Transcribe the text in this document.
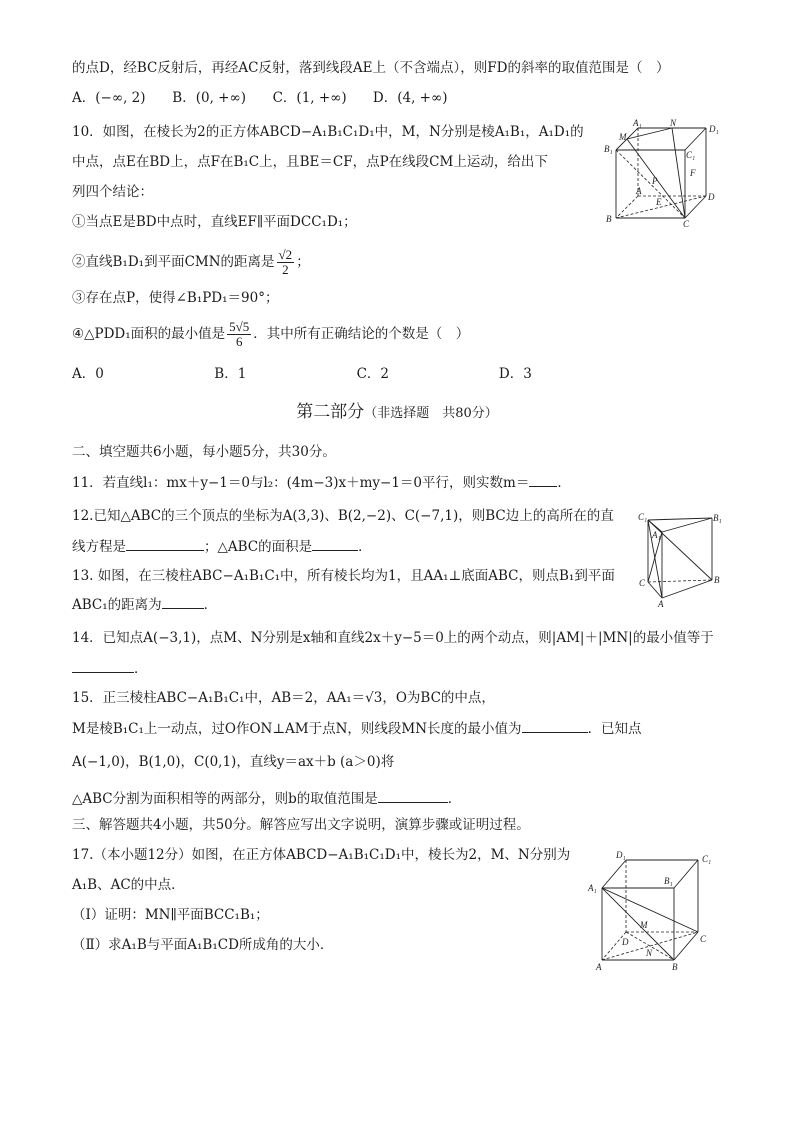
的点D，经BC反射后，再经AC反射，落到线段AE上（不含端点），则FD的斜率的取值范围是（　）
A．(−∞, 2) B．(0, +∞) C．(1, +∞) D．(4, +∞)
10．如图，在棱长为2的正方体ABCD−A₁B₁C₁D₁中，M，N分别是棱A₁B₁，A₁D₁的
中点，点E在BD上，点F在B₁C上，且BE＝CF，点P在线段CM上运动，给出下
列四个结论：
①当点E是BD中点时，直线EF∥平面DCC₁D₁；
②直线B₁D₁到平面CMN的距离是 $\frac{√2}{2}$ ；
③存在点P，使得∠B₁PD₁＝90°；
④△PDD₁面积的最小值是 $\frac{5√5}{6}$ ．其中所有正确结论的个数是（　）
A．0	B．1	C．2	D．3
M
A₁	N
D₁
B₁
C₁
P
A
E	D
B	C
F
第二部分（非选择题　共80分）
二、填空题共6小题，每小题5分，共30分。
11．若直线l₁：mx＋y−1＝0与l₂：(4m−3)x＋my−1＝0平行，则实数m＝ ．
12.已知△ABC的三个顶点的坐标为A(3,3)、B(2,−2)、C(−7,1)，则BC边上的高所在的直
线方程是	；△ABC的面积是	．
13. 如图，在三棱柱ABC−A₁B₁C₁中，所有棱长均为1，且AA₁⊥底面ABC，则点B₁到平面
ABC₁的距离为	．
C₁
A₁
B₁
C	B
A
14．已知点A(−3,1)，点M、N分别是x轴和直线2x＋y−5＝0上的两个动点，则|AM|＋|MN|的最小值等于
．
15．正三棱柱ABC−A₁B₁C₁中，AB＝2，AA₁＝√3，O为BC的中点，
M是棱B₁C₁上一动点，过O作ON⊥AM于点N，则线段MN长度的最小值为	．已知点
A(−1,0)，B(1,0)，C(0,1)，直线y＝ax＋b (a＞0)将
△ABC分割为面积相等的两部分，则b的取值范围是	．
三、解答题共4小题，共50分。解答应写出文字说明，演算步骤或证明过程。
17.（本小题12分）如图，在正方体ABCD−A₁B₁C₁D₁中，棱长为2，M、N分别为
A₁B、AC的中点．
（Ⅰ）证明：MN∥平面BCC₁B₁；
（Ⅱ）求A₁B与平面A₁B₁CD所成角的大小．
D₁	C₁
B₁
A₁
M
D	C
A
N
B
